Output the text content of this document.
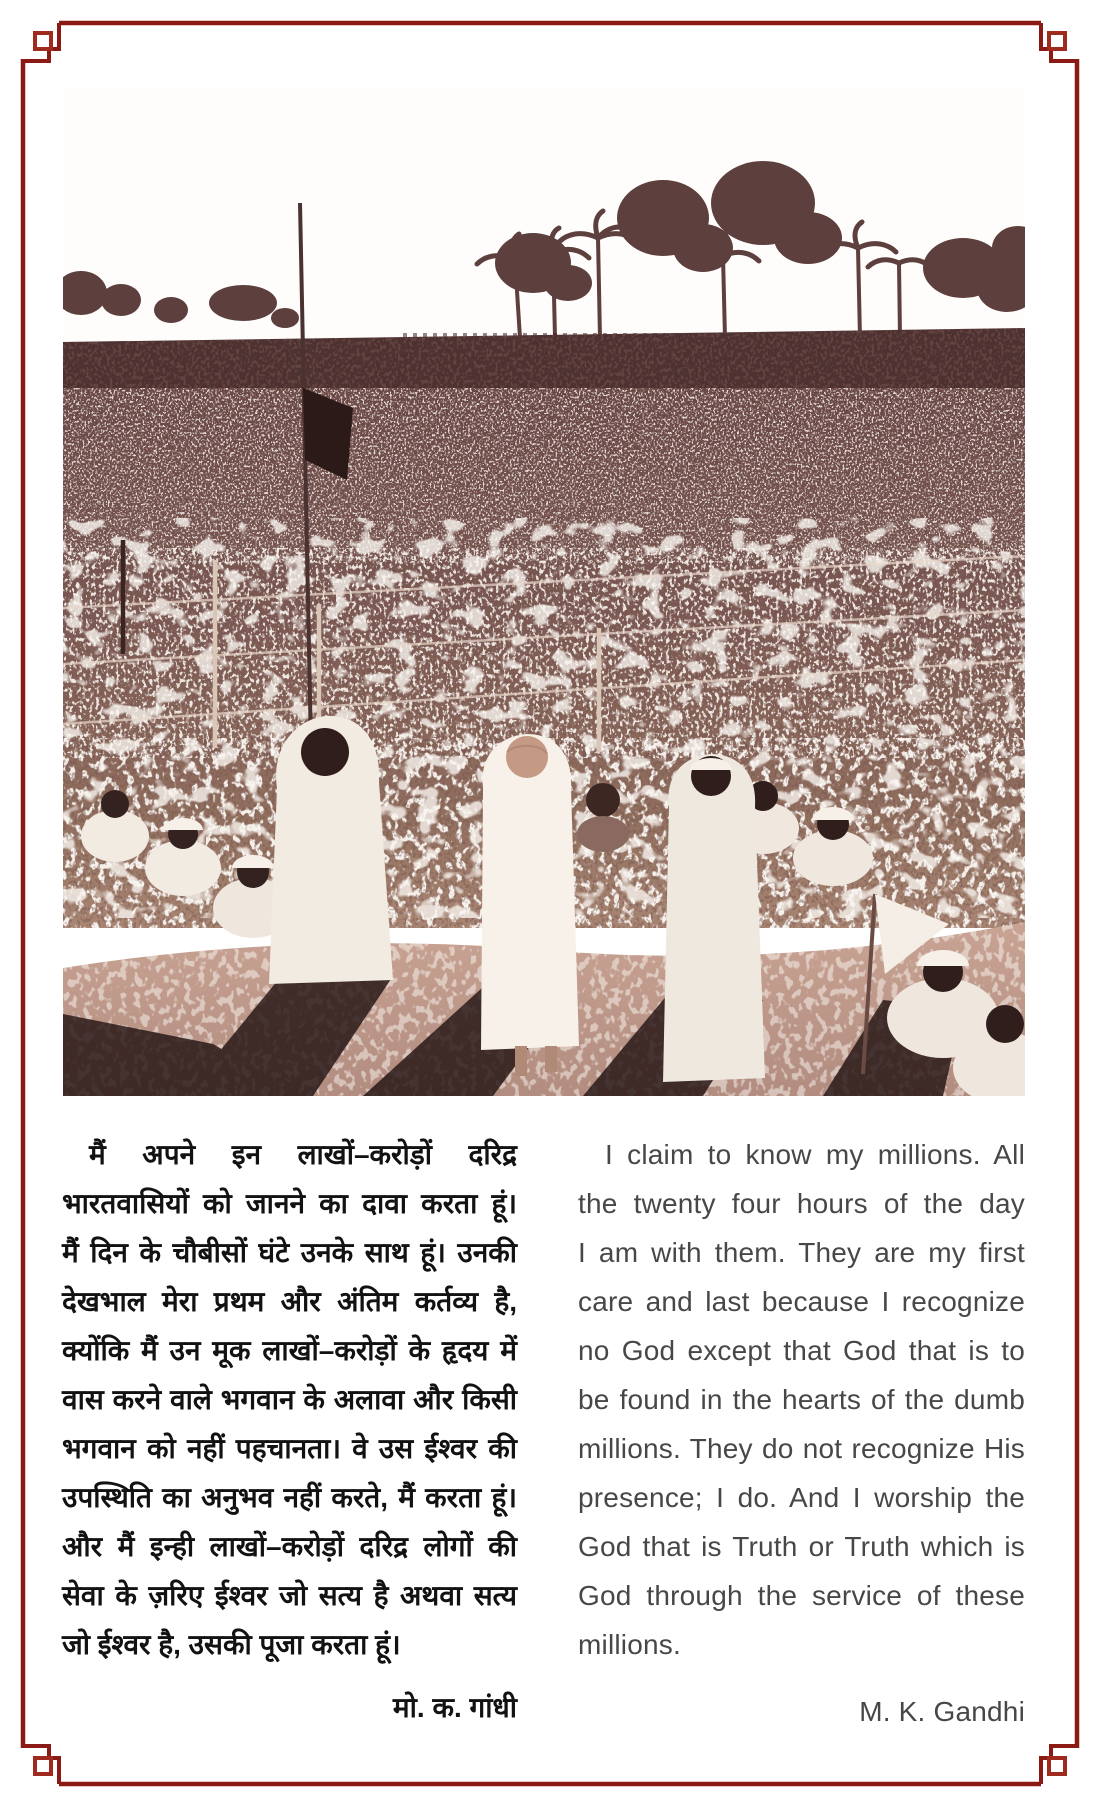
मैं अपने इन लाखों–करोड़ों दरिद्र

भारतवासियों को जानने का दावा करता हूं।

मैं दिन के चौबीसों घंटे उनके साथ हूं। उनकी

देखभाल मेरा प्रथम और अंतिम कर्तव्य है,

क्योंकि मैं उन मूक लाखों–करोड़ों के हृदय में

वास करने वाले भगवान के अलावा और किसी

भगवान को नहीं पहचानता। वे उस ईश्वर की

उपस्थिति का अनुभव नहीं करते, मैं करता हूं।

और मैं इन्ही लाखों–करोड़ों दरिद्र लोगों की

सेवा के ज़रिए ईश्वर जो सत्य है अथवा सत्य

जो ईश्वर है, उसकी पूजा करता हूं।

I claim to know my millions. All

the twenty four hours of the day

I am with them. They are my first

care and last because I recognize

no God except that God that is to

be found in the hearts of the dumb

millions. They do not recognize His

presence; I do. And I worship the

God that is Truth or Truth which is

God through the service of these

millions.

मो. क. गांधी	M. K. Gandhi
